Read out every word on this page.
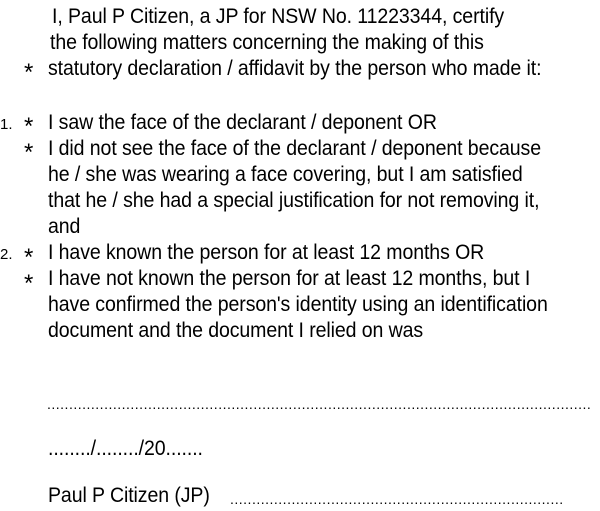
I, Paul P Citizen, a JP for NSW No. 11223344, certify
the following matters concerning the making of this
* statutory declaration / affidavit by the person who made it:
1. * I saw the face of the declarant / deponent OR
* I did not see the face of the declarant / deponent because
he / she was wearing a face covering, but I am satisfied
that he / she had a special justification for not removing it,
and
2. * I have known the person for at least 12 months OR
* I have not known the person for at least 12 months, but I
have confirmed the person's identity using an identification
document and the document I relied on was
............................................................................................................................
......../......../20.......
Paul P Citizen (JP) ............................................................................
